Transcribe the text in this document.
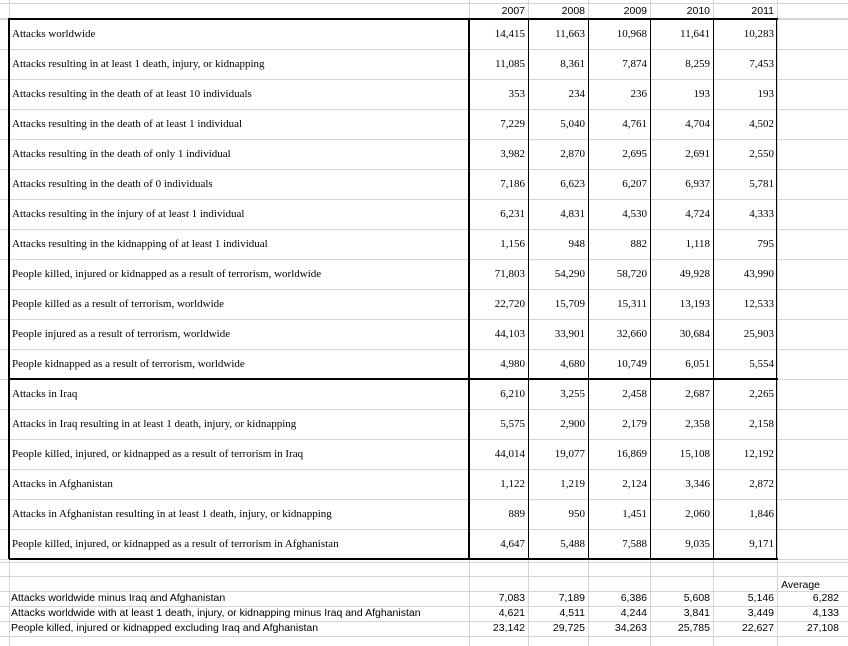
2007	2008	2009	2010	2011
Attacks worldwide	14,415	11,663	10,968	11,641	10,283
Attacks resulting in at least 1 death, injury, or kidnapping	11,085	8,361	7,874	8,259	7,453
Attacks resulting in the death of at least 10 individuals	353	234	236	193	193
Attacks resulting in the death of at least 1 individual	7,229	5,040	4,761	4,704	4,502
Attacks resulting in the death of only 1 individual	3,982	2,870	2,695	2,691	2,550
Attacks resulting in the death of 0 individuals	7,186	6,623	6,207	6,937	5,781
Attacks resulting in the injury of at least 1 individual	6,231	4,831	4,530	4,724	4,333
Attacks resulting in the kidnapping of at least 1 individual	1,156	948	882	1,118	795
People killed, injured or kidnapped as a result of terrorism, worldwide	71,803	54,290	58,720	49,928	43,990
People killed as a result of terrorism, worldwide	22,720	15,709	15,311	13,193	12,533
People injured as a result of terrorism, worldwide	44,103	33,901	32,660	30,684	25,903
People kidnapped as a result of terrorism, worldwide	4,980	4,680	10,749	6,051	5,554
Attacks in Iraq	6,210	3,255	2,458	2,687	2,265
Attacks in Iraq resulting in at least 1 death, injury, or kidnapping	5,575	2,900	2,179	2,358	2,158
People killed, injured, or kidnapped as a result of terrorism in Iraq	44,014	19,077	16,869	15,108	12,192
Attacks in Afghanistan	1,122	1,219	2,124	3,346	2,872
Attacks in Afghanistan resulting in at least 1 death, injury, or kidnapping	889	950	1,451	2,060	1,846
People killed, injured, or kidnapped as a result of terrorism in Afghanistan	4,647	5,488	7,588	9,035	9,171
Average
Attacks worldwide minus Iraq and Afghanistan	7,083	7,189	6,386	5,608	5,146	6,282
Attacks worldwide with at least 1 death, injury, or kidnapping minus Iraq and Afghanistan	4,621	4,511	4,244	3,841	3,449	4,133
People killed, injured or kidnapped excluding Iraq and Afghanistan	23,142	29,725	34,263	25,785	22,627	27,108
